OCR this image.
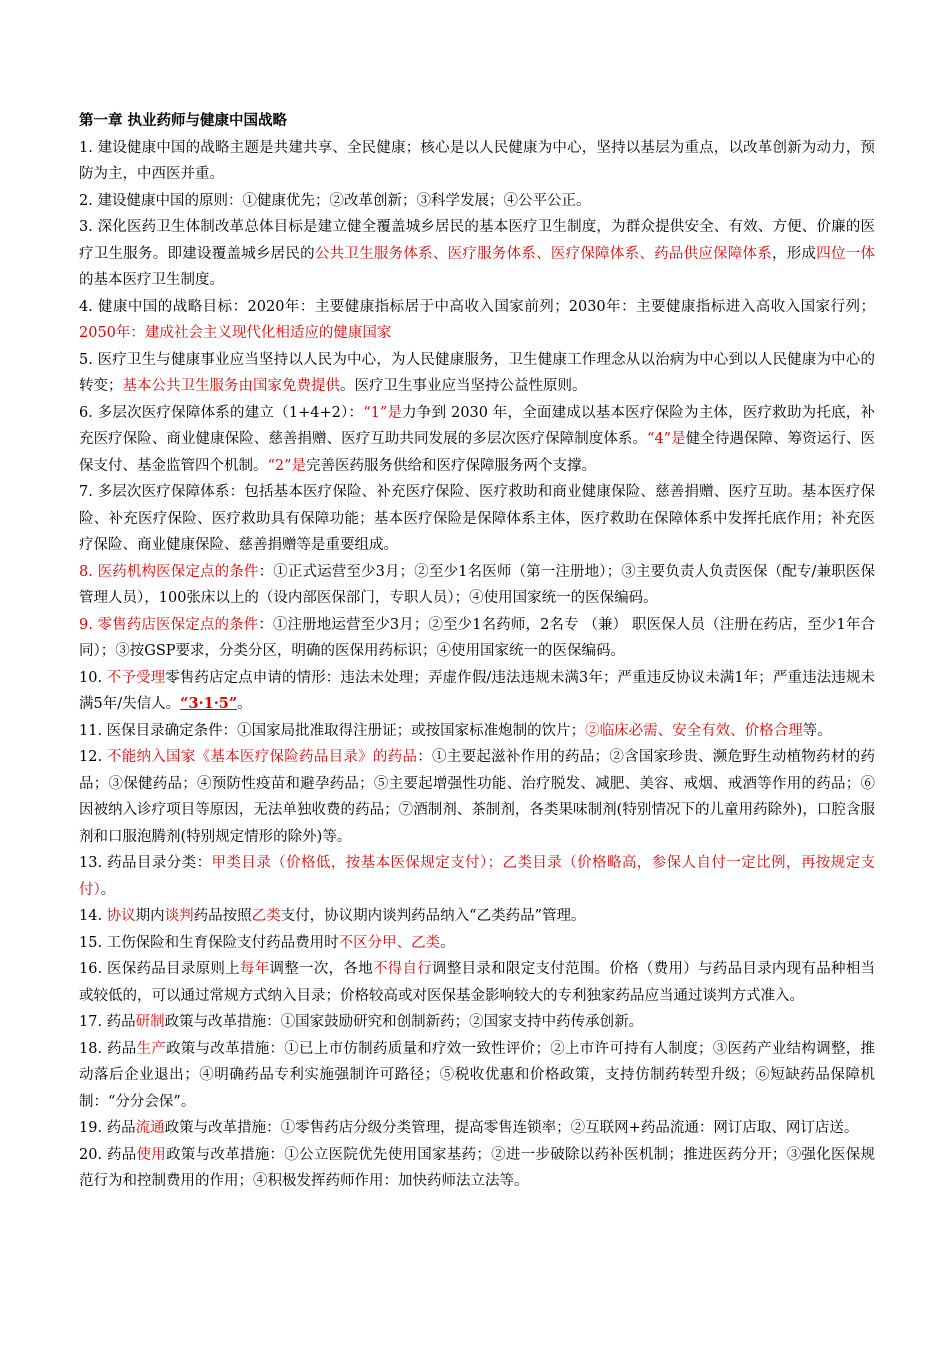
第一章 执业药师与健康中国战略

1. 建设健康中国的战略主题是共建共享、全民健康；核心是以人民健康为中心，坚持以基层为重点，以改革创新为动力，预防为主，中西医并重。

2. 建设健康中国的原则：①健康优先；②改革创新；③科学发展；④公平公正。

3. 深化医药卫生体制改革总体目标是建立健全覆盖城乡居民的基本医疗卫生制度，为群众提供安全、有效、方便、价廉的医疗卫生服务。即建设覆盖城乡居民的公共卫生服务体系、医疗服务体系、医疗保障体系、药品供应保障体系，形成四位一体的基本医疗卫生制度。

4. 健康中国的战略目标：2020年：主要健康指标居于中高收入国家前列；2030年：主要健康指标进入高收入国家行列；2050年：建成社会主义现代化相适应的健康国家

5. 医疗卫生与健康事业应当坚持以人民为中心，为人民健康服务，卫生健康工作理念从以治病为中心到以人民健康为中心的转变；基本公共卫生服务由国家免费提供。医疗卫生事业应当坚持公益性原则。

6. 多层次医疗保障体系的建立（1+4+2）：“1”是力争到 2030 年，全面建成以基本医疗保险为主体，医疗救助为托底，补充医疗保险、商业健康保险、慈善捐赠、医疗互助共同发展的多层次医疗保障制度体系。“4”是健全待遇保障、筹资运行、医保支付、基金监管四个机制。“2”是完善医药服务供给和医疗保障服务两个支撑。

7. 多层次医疗保障体系：包括基本医疗保险、补充医疗保险、医疗救助和商业健康保险、慈善捐赠、医疗互助。基本医疗保险、补充医疗保险、医疗救助具有保障功能；基本医疗保险是保障体系主体，医疗救助在保障体系中发挥托底作用；补充医疗保险、商业健康保险、慈善捐赠等是重要组成。

8. 医药机构医保定点的条件：①正式运营至少3月；②至少1名医师（第一注册地）；③主要负责人负责医保（配专/兼职医保管理人员），100张床以上的（设内部医保部门，专职人员）；④使用国家统一的医保编码。

9. 零售药店医保定点的条件：①注册地运营至少3月；②至少1名药师，2名专 （兼） 职医保人员（注册在药店，至少1年合同）；③按GSP要求，分类分区，明确的医保用药标识；④使用国家统一的医保编码。

10. 不予受理零售药店定点申请的情形：违法未处理；弄虚作假/违法违规未满3年；严重违反协议未满1年；严重违法违规未满5年/失信人。“3·1·5”。

11. 医保目录确定条件：①国家局批准取得注册证；或按国家标准炮制的饮片；②临床必需、安全有效、价格合理等。

12. 不能纳入国家《基本医疗保险药品目录》的药品：①主要起滋补作用的药品；②含国家珍贵、濒危野生动植物药材的药品；③保健药品；④预防性疫苗和避孕药品；⑤主要起增强性功能、治疗脱发、减肥、美容、戒烟、戒酒等作用的药品；⑥因被纳入诊疗项目等原因，无法单独收费的药品；⑦酒制剂、茶制剂，各类果味制剂(特别情况下的儿童用药除外)，口腔含服剂和口服泡腾剂(特别规定情形的除外)等。

13. 药品目录分类：甲类目录（价格低，按基本医保规定支付）；乙类目录（价格略高，参保人自付一定比例，再按规定支付）。

14. 协议期内谈判药品按照乙类支付，协议期内谈判药品纳入“乙类药品”管理。

15. 工伤保险和生育保险支付药品费用时不区分甲、乙类。

16. 医保药品目录原则上每年调整一次，各地不得自行调整目录和限定支付范围。价格（费用）与药品目录内现有品种相当或较低的，可以通过常规方式纳入目录；价格较高或对医保基金影响较大的专利独家药品应当通过谈判方式准入。

17. 药品研制政策与改革措施：①国家鼓励研究和创制新药；②国家支持中药传承创新。

18. 药品生产政策与改革措施：①已上市仿制药质量和疗效一致性评价；②上市许可持有人制度；③医药产业结构调整，推动落后企业退出；④明确药品专利实施强制许可路径；⑤税收优惠和价格政策，支持仿制药转型升级；⑥短缺药品保障机制：“分分会保”。

19. 药品流通政策与改革措施：①零售药店分级分类管理，提高零售连锁率；②互联网+药品流通：网订店取、网订店送。

20. 药品使用政策与改革措施：①公立医院优先使用国家基药；②进一步破除以药补医机制；推进医药分开；③强化医保规范行为和控制费用的作用；④积极发挥药师作用：加快药师法立法等。
